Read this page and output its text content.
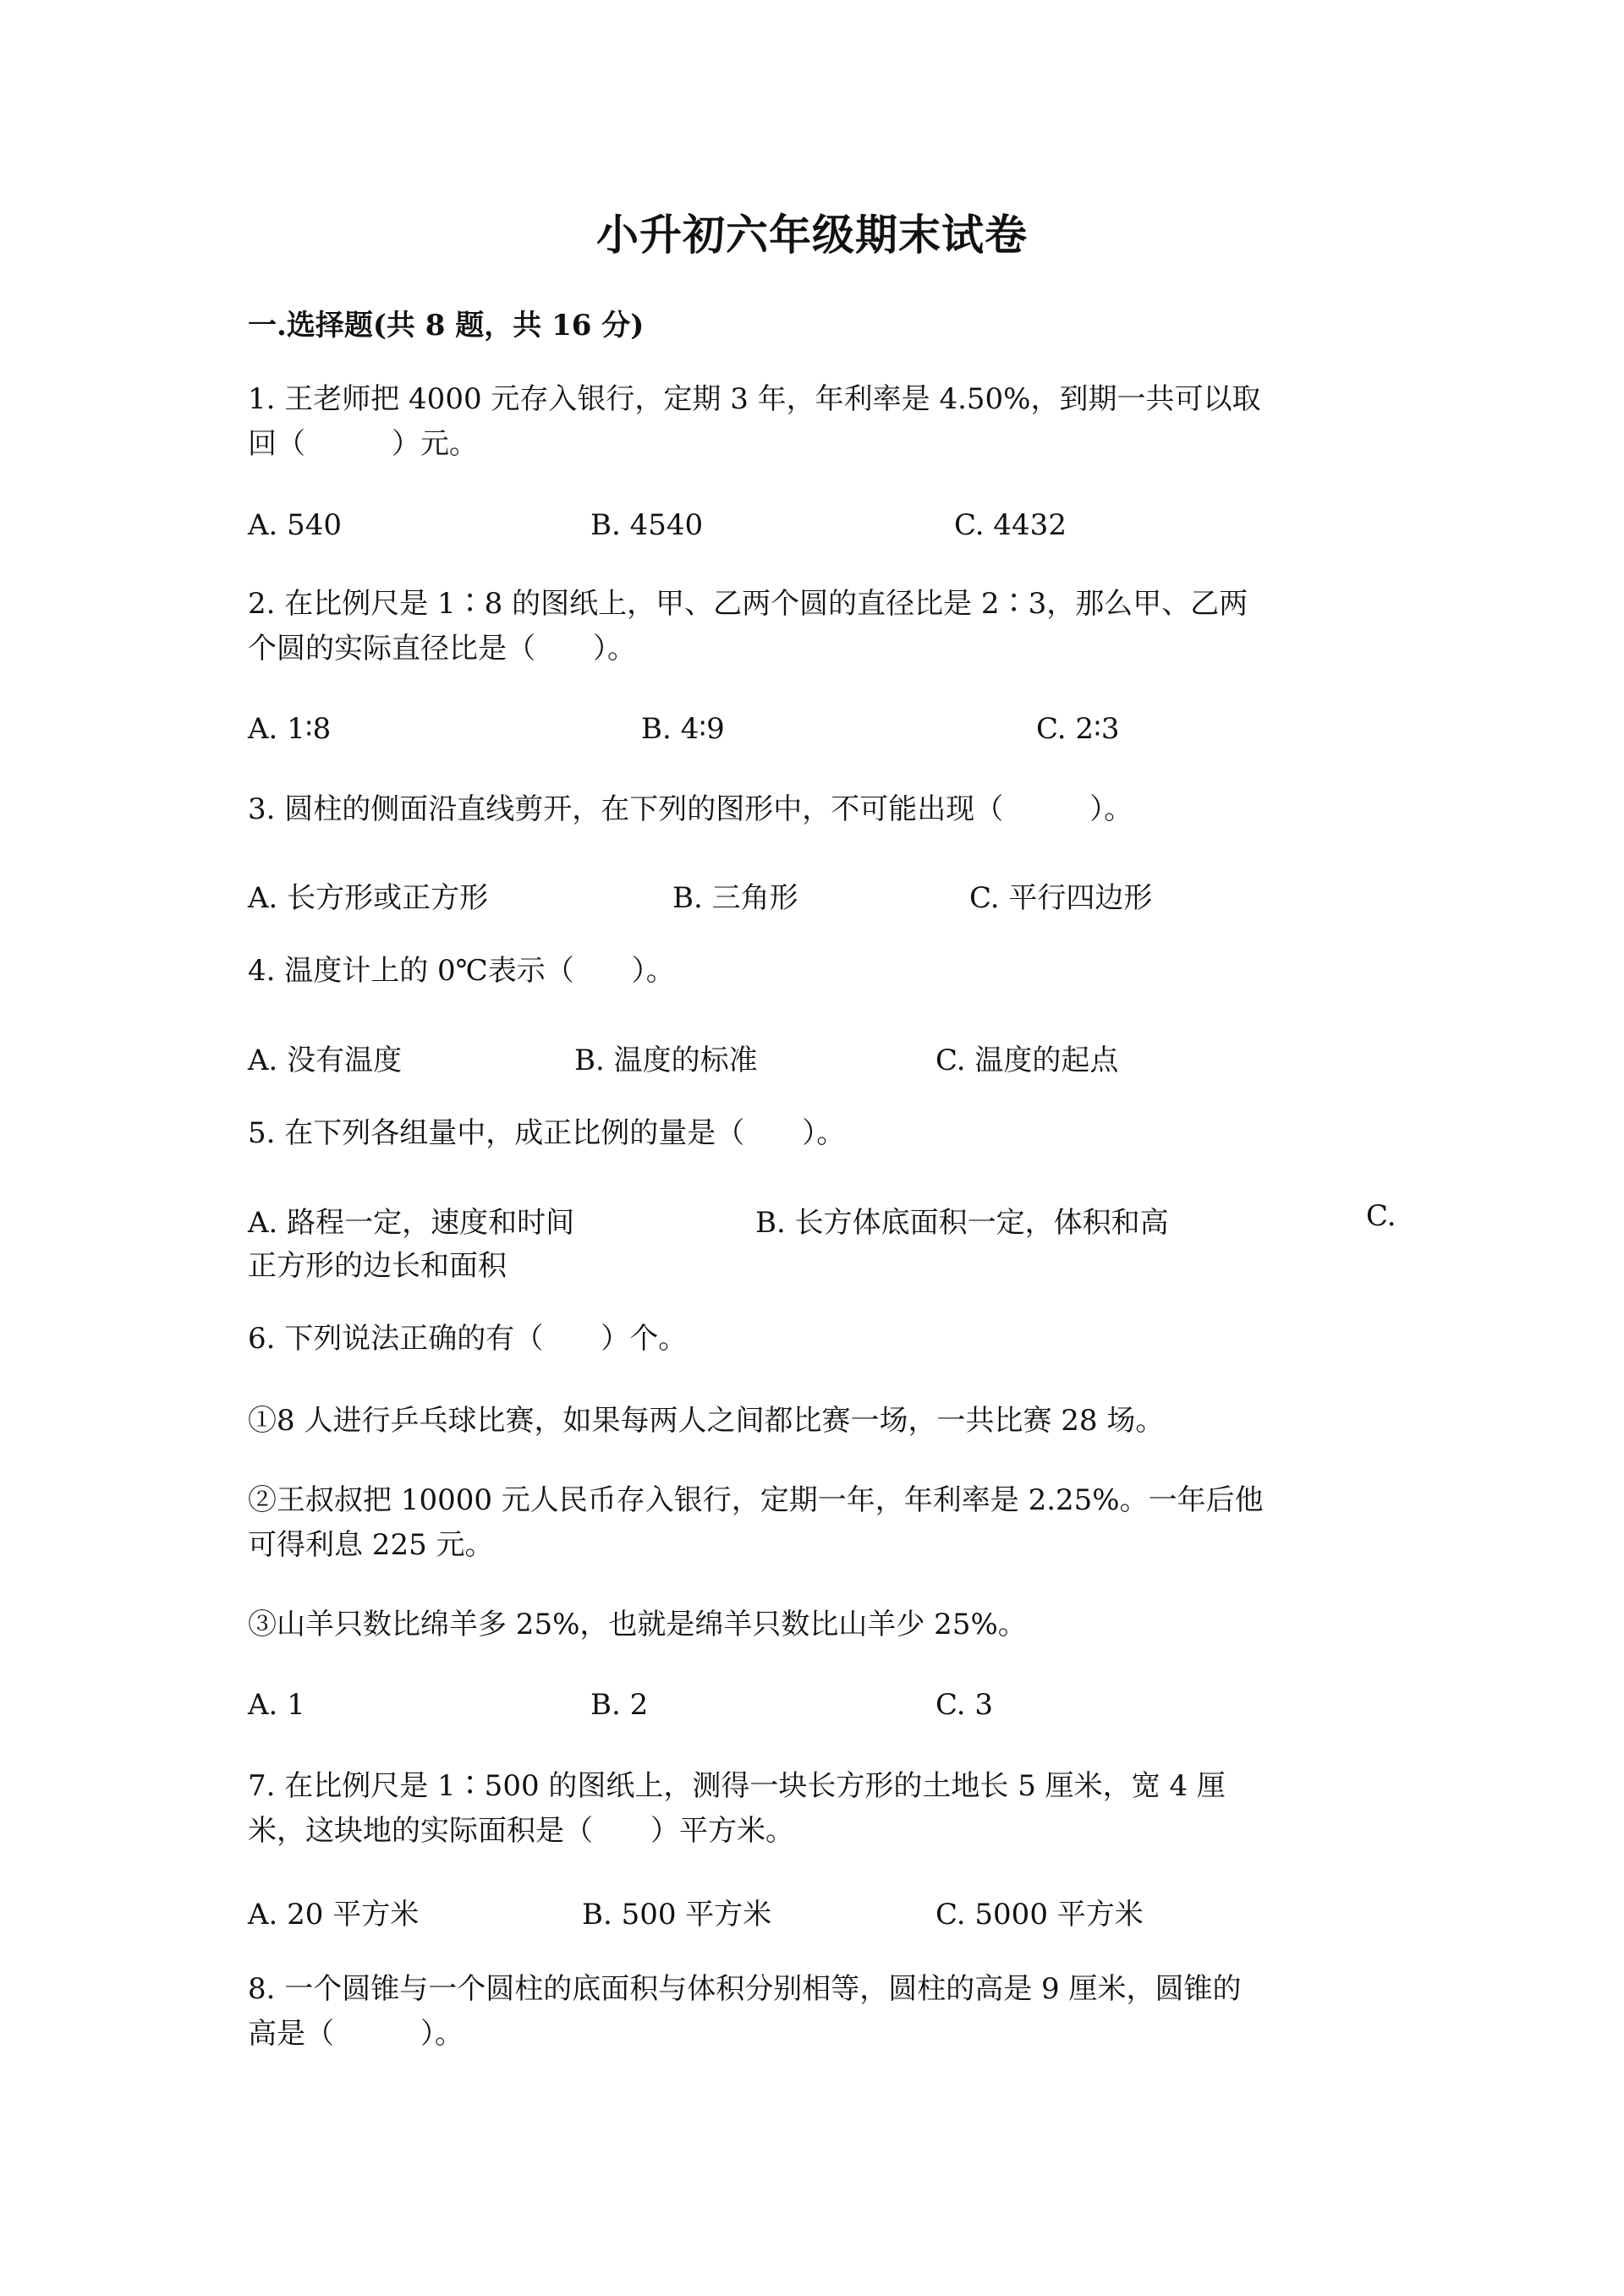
小升初六年级期末试卷
一.选择题(共 8 题，共 16 分)
1. 王老师把 4000 元存入银行，定期 3 年，年利率是 4.50%，到期一共可以取
回（　　　）元。
A. 540	B. 4540	C. 4432
2. 在比例尺是 1∶8 的图纸上，甲、乙两个圆的直径比是 2∶3，那么甲、乙两
个圆的实际直径比是（　　）。
A. 1∶8	B. 4∶9	C. 2∶3
3. 圆柱的侧面沿直线剪开，在下列的图形中，不可能出现（　　　）。
A. 长方形或正方形	B. 三角形	C. 平行四边形
4. 温度计上的 0℃表示（　　）。
A. 没有温度	B. 温度的标准	C. 温度的起点
5. 在下列各组量中，成正比例的量是（　　）。
A. 路程一定，速度和时间	B. 长方体底面积一定，体积和高	C.
正方形的边长和面积
6. 下列说法正确的有（　　）个。
①8 人进行乒乓球比赛，如果每两人之间都比赛一场，一共比赛 28 场。
②王叔叔把 10000 元人民币存入银行，定期一年，年利率是 2.25%。一年后他
可得利息 225 元。
③山羊只数比绵羊多 25%，也就是绵羊只数比山羊少 25%。
A. 1	B. 2	C. 3
7. 在比例尺是 1∶500 的图纸上，测得一块长方形的土地长 5 厘米，宽 4 厘
米，这块地的实际面积是（　　）平方米。
A. 20 平方米	B. 500 平方米	C. 5000 平方米
8. 一个圆锥与一个圆柱的底面积与体积分别相等，圆柱的高是 9 厘米，圆锥的
高是（　　　）。
